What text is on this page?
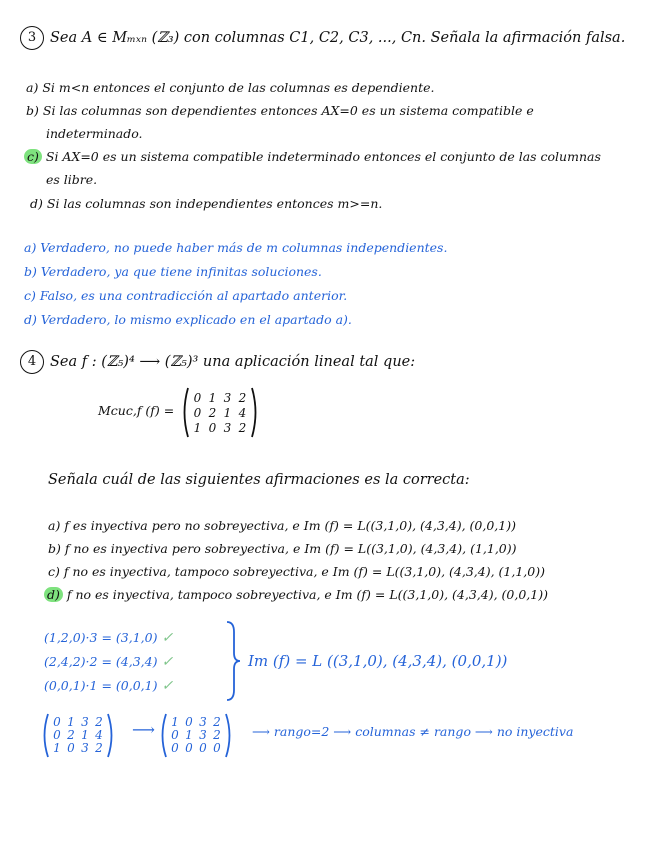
3 Sea A ∈ Mₘₓₙ (ℤ₃) con columnas C1, C2, C3, ..., Cn. Señala la afirmación falsa.
a) Si m<n entonces el conjunto de las columnas es dependiente.
b) Si las columnas son dependientes entonces AX=0 es un sistema compatible e
indeterminado.
c) Si AX=0 es un sistema compatible indeterminado entonces el conjunto de las columnas
es libre.
d) Si las columnas son independientes entonces m>=n.
a) Verdadero, no puede haber más de m columnas independientes.
b) Verdadero, ya que tiene infinitas soluciones.
c) Falso, es una contradicción al apartado anterior.
d) Verdadero, lo mismo explicado en el apartado a).
4 Sea f : (ℤ₅)⁴ ⟶ (ℤ₅)³ una aplicación lineal tal que:
Mcuc,f (f) =
0 1 3 2
0 2 1 4
1 0 3 2
Señala cuál de las siguientes afirmaciones es la correcta:
a) f es inyectiva pero no sobreyectiva, e Im (f) = L((3,1,0), (4,3,4), (0,0,1))
b) f no es inyectiva pero sobreyectiva, e Im (f) = L((3,1,0), (4,3,4), (1,1,0))
c) f no es inyectiva, tampoco sobreyectiva, e Im (f) = L((3,1,0), (4,3,4), (1,1,0))
d) f no es inyectiva, tampoco sobreyectiva, e Im (f) = L((3,1,0), (4,3,4), (0,0,1))
(1,2,0)·3 = (3,1,0) ✓
(2,4,2)·2 = (4,3,4) ✓
(0,0,1)·1 = (0,0,1) ✓
Im (f) = L ((3,1,0), (4,3,4), (0,0,1))
0 1 3 2
0 2 1 4
1 0 3 2
⟶ 1 0 3 2
0 1 3 2
0 0 0 0
⟶ rango=2 ⟶ columnas ≠ rango ⟶ no inyectiva
